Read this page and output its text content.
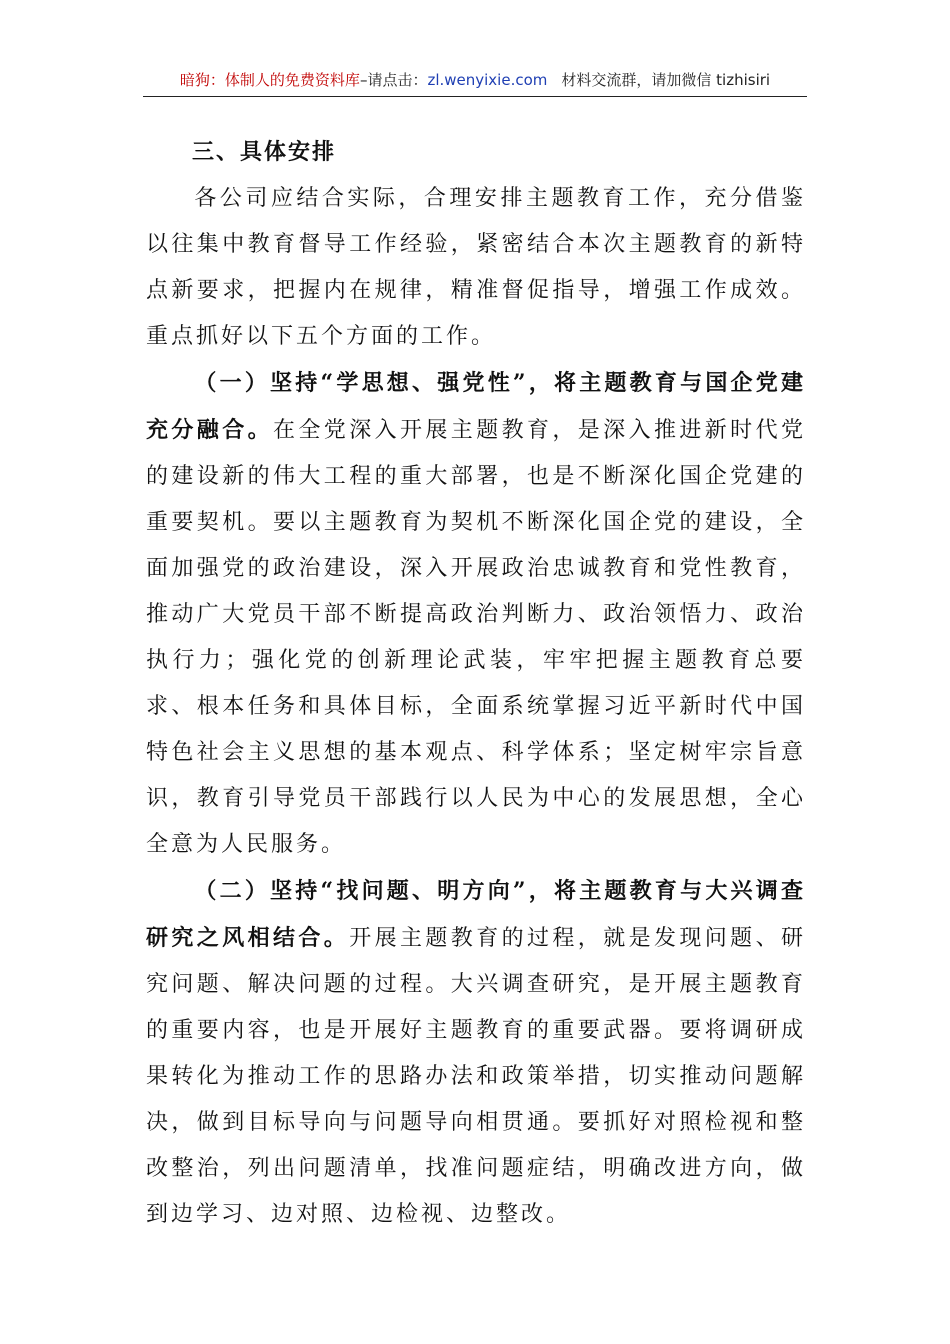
暗狗：体制人的免费资料库–请点击：zl.wenyixie.com 材料交流群，请加微信 tizhisiri
三、具体安排

各公司应结合实际，合理安排主题教育工作，充分借鉴以往集中教育督导工作经验，紧密结合本次主题教育的新特点新要求，把握内在规律，精准督促指导，增强工作成效。重点抓好以下五个方面的工作。

（一）坚持“学思想、强党性”，将主题教育与国企党建充分融合。在全党深入开展主题教育，是深入推进新时代党的建设新的伟大工程的重大部署，也是不断深化国企党建的重要契机。要以主题教育为契机不断深化国企党的建设，全面加强党的政治建设，深入开展政治忠诚教育和党性教育，推动广大党员干部不断提高政治判断力、政治领悟力、政治执行力；强化党的创新理论武装，牢牢把握主题教育总要求、根本任务和具体目标，全面系统掌握习近平新时代中国特色社会主义思想的基本观点、科学体系；坚定树牢宗旨意识，教育引导党员干部践行以人民为中心的发展思想，全心全意为人民服务。

（二）坚持“找问题、明方向”，将主题教育与大兴调查研究之风相结合。开展主题教育的过程，就是发现问题、研究问题、解决问题的过程。大兴调查研究，是开展主题教育的重要内容，也是开展好主题教育的重要武器。要将调研成果转化为推动工作的思路办法和政策举措，切实推动问题解决，做到目标导向与问题导向相贯通。要抓好对照检视和整改整治，列出问题清单，找准问题症结，明确改进方向，做到边学习、边对照、边检视、边整改。
